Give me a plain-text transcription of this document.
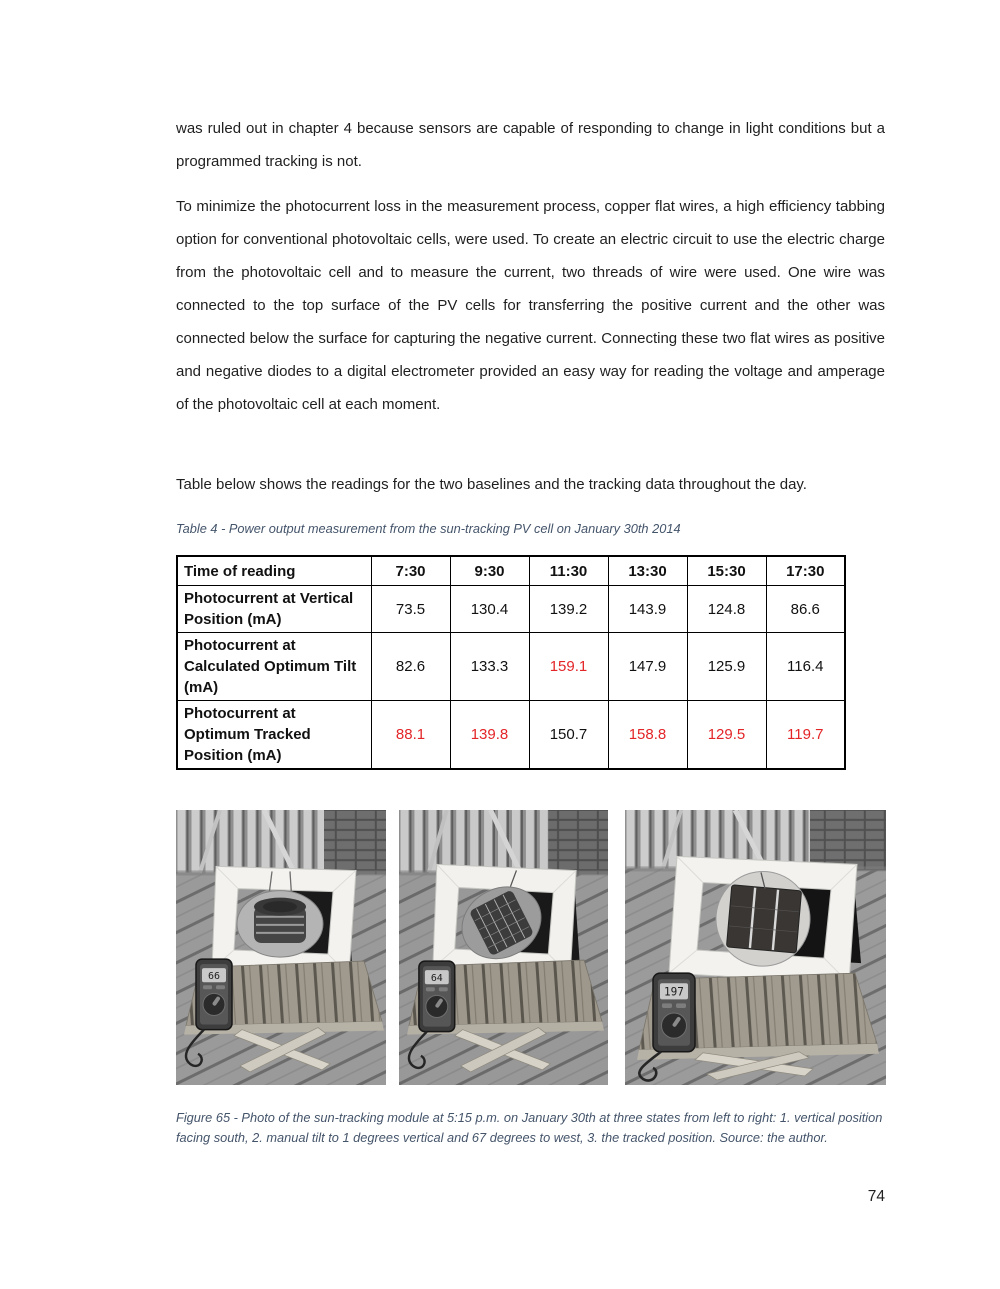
was ruled out in chapter 4 because sensors are capable of responding to change in light conditions but a programmed tracking is not.
To minimize the photocurrent loss in the measurement process, copper flat wires, a high efficiency tabbing option for conventional photovoltaic cells, were used. To create an electric circuit to use the electric charge from the photovoltaic cell and to measure the current, two threads of wire were used. One wire was connected to the top surface of the PV cells for transferring the positive current and the other was connected below the surface for capturing the negative current. Connecting these two flat wires as positive and negative diodes to a digital electrometer provided an easy way for reading the voltage and amperage of the photovoltaic cell at each moment.
Table below shows the readings for the two baselines and the tracking data throughout the day.
Table 4 - Power output measurement from the sun-tracking PV cell on January 30th 2014
Time of reading	7:30	9:30	11:30	13:30	15:30	17:30
Photocurrent at Vertical Position (mA)	73.5	130.4	139.2	143.9	124.8	86.6
Photocurrent at Calculated Optimum Tilt (mA)	82.6	133.3	159.1	147.9	125.9	116.4
Photocurrent at Optimum Tracked Position (mA)	88.1	139.8	150.7	158.8	129.5	119.7
66	64
197
Figure 65 - Photo of the sun-tracking module at 5:15 p.m. on January 30th at three states from left to right: 1. vertical position facing south, 2. manual tilt to 1 degrees vertical and 67 degrees to west, 3. the tracked position. Source: the author.
74
